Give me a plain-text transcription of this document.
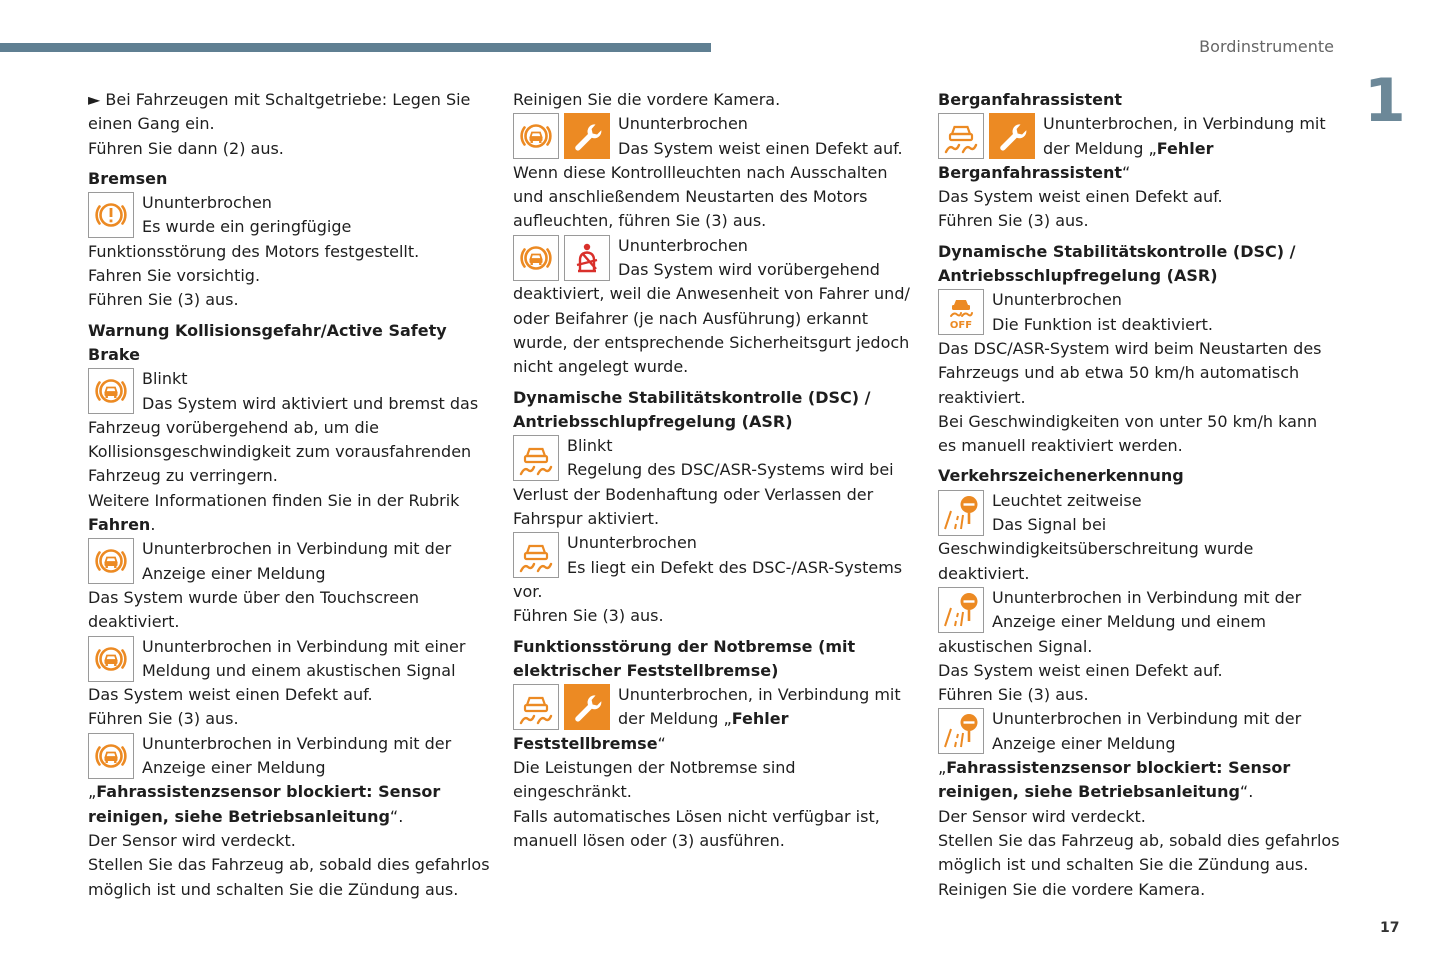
Bordinstrumente
1
17

► Bei Fahrzeugen mit Schaltgetriebe: Legen Sie einen Gang ein.

Führen Sie dann (2) aus.

Bremsen

Ununterbrochen

Es wurde ein geringfügige Funktionsstörung des Motors festgestellt.

Fahren Sie vorsichtig.

Führen Sie (3) aus.

Warnung Kollisionsgefahr/Active Safety Brake

Blinkt

Das System wird aktiviert und bremst das Fahrzeug vorübergehend ab, um die Kollisionsgeschwindigkeit zum vorausfahrenden Fahrzeug zu verringern.

Weitere Informationen finden Sie in der Rubrik Fahren.

Ununterbrochen in Verbindung mit der Anzeige einer Meldung

Das System wurde über den Touchscreen deaktiviert.

Ununterbrochen in Verbindung mit einer Meldung und einem akustischen Signal

Das System weist einen Defekt auf.

Führen Sie (3) aus.

Ununterbrochen in Verbindung mit der Anzeige einer Meldung

„Fahrassistenzsensor blockiert: Sensor reinigen, siehe Betriebsanleitung“.

Der Sensor wird verdeckt.

Stellen Sie das Fahrzeug ab, sobald dies gefahrlos möglich ist und schalten Sie die Zündung aus.

Reinigen Sie die vordere Kamera.

Ununterbrochen

Das System weist einen Defekt auf.

Wenn diese Kontrollleuchten nach Ausschalten und anschließendem Neustarten des Motors aufleuchten, führen Sie (3) aus.

Ununterbrochen

Das System wird vorübergehend deaktiviert, weil die Anwesenheit von Fahrer und/ oder Beifahrer (je nach Ausführung) erkannt wurde, der entsprechende Sicherheitsgurt jedoch nicht angelegt wurde.

Dynamische Stabilitätskontrolle (DSC) / Antriebsschlupfregelung (ASR)

Blinkt

Regelung des DSC/ASR-Systems wird bei Verlust der Bodenhaftung oder Verlassen der Fahrspur aktiviert.

Ununterbrochen

Es liegt ein Defekt des DSC-/ASR-Systems vor.

Führen Sie (3) aus.

Funktionsstörung der Notbremse (mit elektrischer Feststellbremse)

Ununterbrochen, in Verbindung mit der Meldung „Fehler Feststellbremse“

Die Leistungen der Notbremse sind eingeschränkt.

Falls automatisches Lösen nicht verfügbar ist, manuell lösen oder (3) ausführen.

Berganfahrassistent

Ununterbrochen, in Verbindung mit der Meldung „Fehler Berganfahrassistent“

Das System weist einen Defekt auf.

Führen Sie (3) aus.

Dynamische Stabilitätskontrolle (DSC) / Antriebsschlupfregelung (ASR)

OFF

Ununterbrochen

Die Funktion ist deaktiviert.

Das DSC/ASR-System wird beim Neustarten des Fahrzeugs und ab etwa 50 km/h automatisch reaktiviert.

Bei Geschwindigkeiten von unter 50 km/h kann es manuell reaktiviert werden.

Verkehrszeichenerkennung

Leuchtet zeitweise

Das Signal bei Geschwindigkeitsüberschreitung wurde deaktiviert.

Ununterbrochen in Verbindung mit der Anzeige einer Meldung und einem akustischen Signal.

Das System weist einen Defekt auf.

Führen Sie (3) aus.

Ununterbrochen in Verbindung mit der Anzeige einer Meldung

„Fahrassistenzsensor blockiert: Sensor reinigen, siehe Betriebsanleitung“.

Der Sensor wird verdeckt.

Stellen Sie das Fahrzeug ab, sobald dies gefahrlos möglich ist und schalten Sie die Zündung aus.

Reinigen Sie die vordere Kamera.
